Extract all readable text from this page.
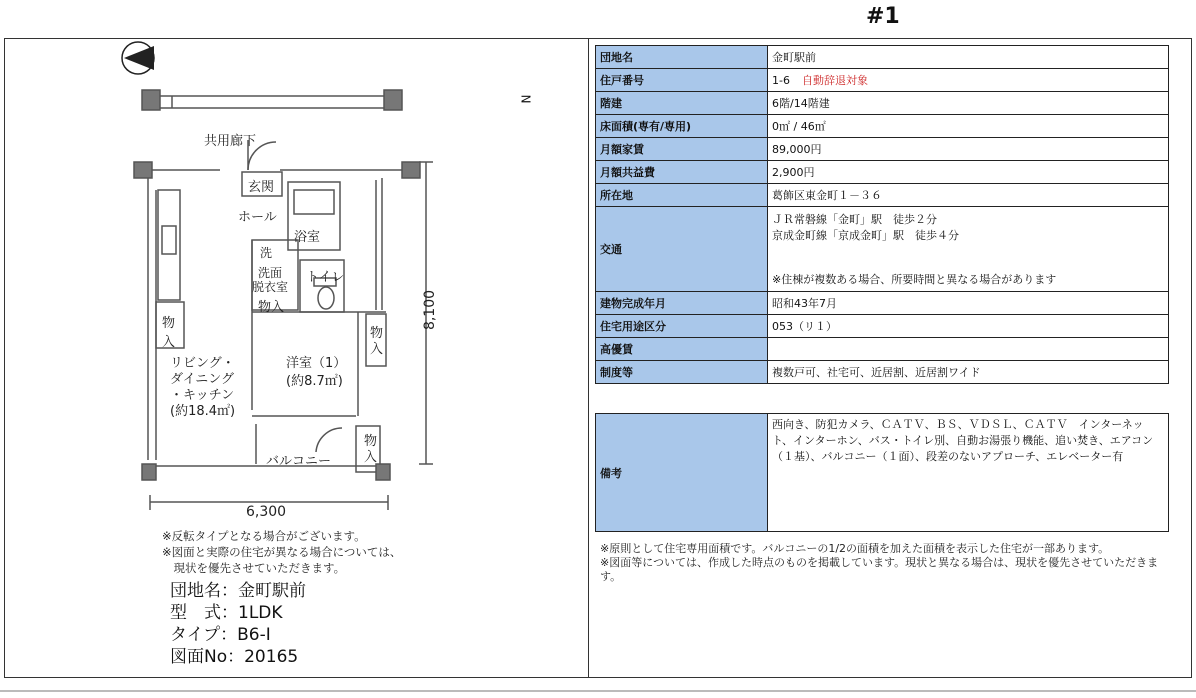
#1
N
共用廊下
玄関
ホール
浴室
洗
洗面
脱衣室
トイレ
物入
物入
物
入
物
入
リビング・
ダイニング
・キッチン
(約18.4㎡)
洋室（1）
(約8.7㎡)
バルコニー
6,300
8,100
※反転タイプとなる場合がございます。
※図面と実際の住宅が異なる場合については、
　現状を優先させていただきます。
団地名：金町駅前
型　式：1LDK
タイプ：B6-Ⅰ
図面No：20165
団地名	金町駅前
住戸番号	1-6 自動辞退対象
階建	6階/14階建
床面積(専有/専用)	0㎡ / 46㎡
月額家賃	89,000円
月額共益費	2,900円
所在地	葛飾区東金町１－３６
交通	ＪＲ常磐線「金町」駅　徒歩２分
京成金町線「京成金町」駅　徒歩４分
※住棟が複数ある場合、所要時間と異なる場合があります

建物完成年月	昭和43年7月
住宅用途区分	053（リ１）
高優賃	
制度等	複数戸可、社宅可、近居割、近居割ワイド
備考	西向き、防犯カメラ、ＣＡＴＶ、ＢＳ、ＶＤＳＬ、ＣＡＴＶ　インターネット、インターホン、バス・トイレ別、自動お湯張り機能、追い焚き、エアコン（１基）、バルコニー（１面）、段差のないアプローチ、エレベーター有
※原則として住宅専用面積です。バルコニーの1/2の面積を加えた面積を表示した住宅が一部あります。
※図面等については、作成した時点のものを掲載しています。現状と異なる場合は、現状を優先させていただきます。
